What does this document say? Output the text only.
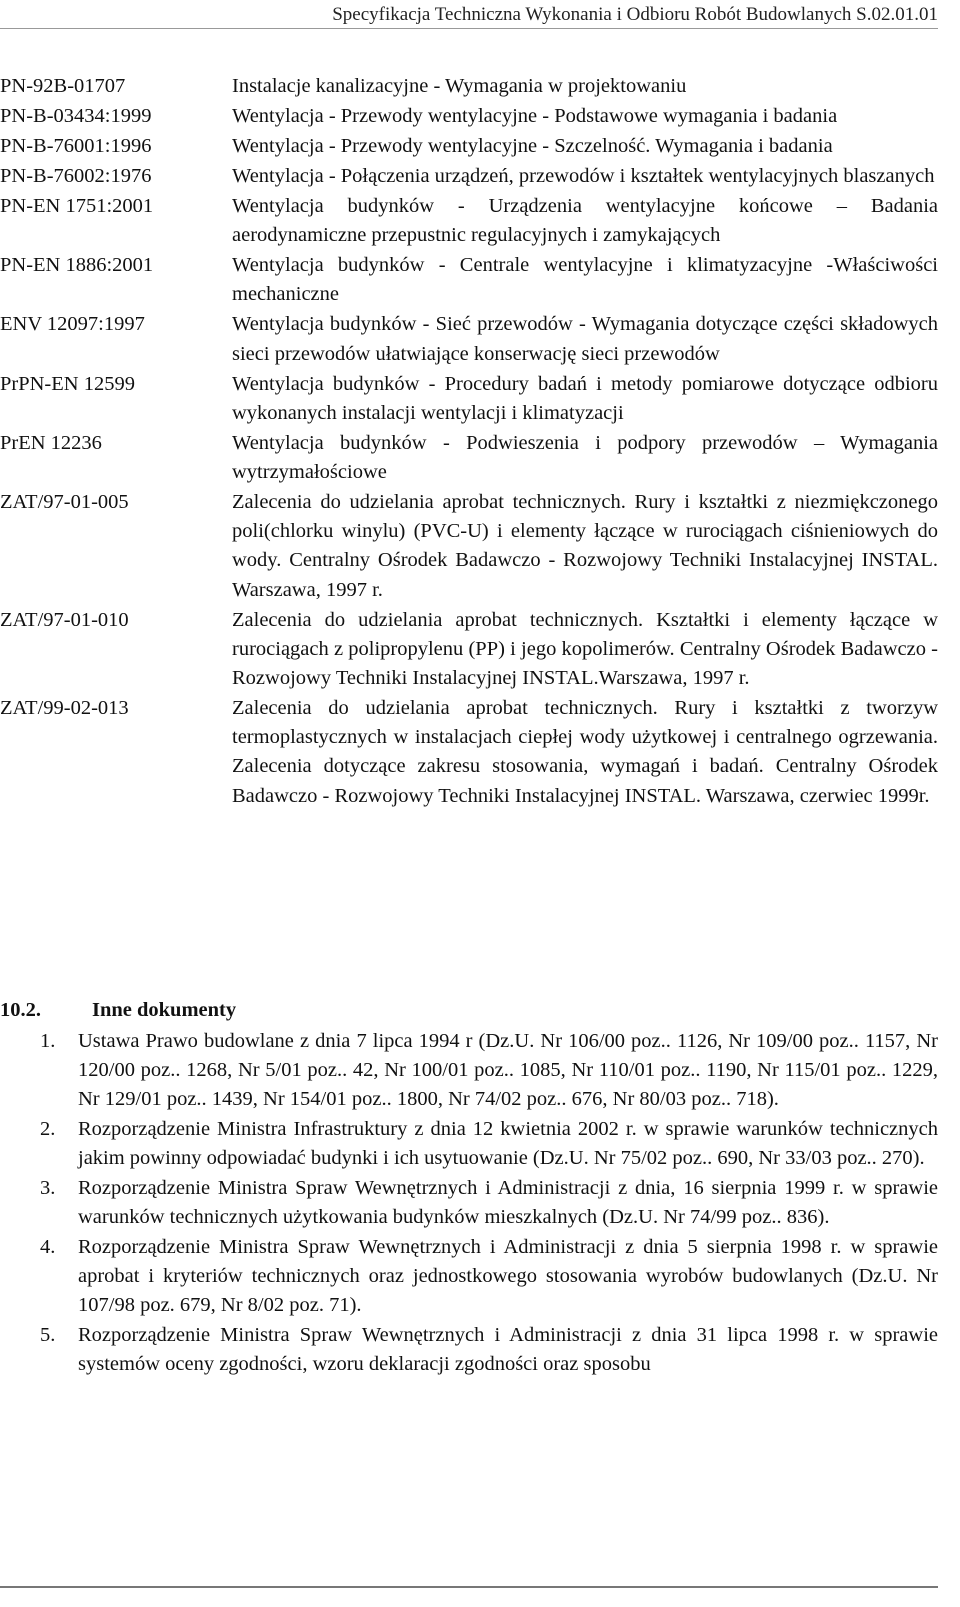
Specyfikacja Techniczna Wykonania i Odbioru Robót Budowlanych S.02.01.01
PN-92B-01707	Instalacje kanalizacyjne - Wymagania w projektowaniu
PN-B-03434:1999	Wentylacja - Przewody wentylacyjne - Podstawowe wymagania i badania
PN-B-76001:1996	Wentylacja - Przewody wentylacyjne - Szczelność. Wymagania i badania
PN-B-76002:1976	Wentylacja - Połączenia urządzeń, przewodów i kształtek wentylacyjnych blaszanych
PN-EN 1751:2001	Wentylacja budynków - Urządzenia wentylacyjne końcowe – Badania aerodynamiczne przepustnic regulacyjnych i zamykających
PN-EN 1886:2001	Wentylacja budynków - Centrale wentylacyjne i klimatyzacyjne -Właściwości mechaniczne
ENV 12097:1997	Wentylacja budynków - Sieć przewodów - Wymagania dotyczące części składowych sieci przewodów ułatwiające konserwację sieci przewodów
PrPN-EN 12599	Wentylacja budynków - Procedury badań i metody pomiarowe dotyczące odbioru wykonanych instalacji wentylacji i klimatyzacji
PrEN 12236	Wentylacja budynków - Podwieszenia i podpory przewodów – Wymagania wytrzymałościowe
ZAT/97-01-005	Zalecenia do udzielania aprobat technicznych. Rury i kształtki z niezmiękczonego poli(chlorku winylu) (PVC-U) i elementy łączące w rurociągach ciśnieniowych do wody. Centralny Ośrodek Badawczo - Rozwojowy Techniki Instalacyjnej INSTAL. Warszawa, 1997 r.
ZAT/97-01-010	Zalecenia do udzielania aprobat technicznych. Kształtki i elementy łączące w rurociągach z polipropylenu (PP) i jego kopolimerów. Centralny Ośrodek Badawczo -Rozwojowy Techniki Instalacyjnej INSTAL.Warszawa, 1997 r.
ZAT/99-02-013	Zalecenia do udzielania aprobat technicznych. Rury i kształtki z tworzyw termoplastycznych w instalacjach ciepłej wody użytkowej i centralnego ogrzewania. Zalecenia dotyczące zakresu stosowania, wymagań i badań. Centralny Ośrodek Badawczo - Rozwojowy Techniki Instalacyjnej INSTAL. Warszawa, czerwiec 1999r.
10.2. Inne dokumenty
1.	Ustawa Prawo budowlane z dnia 7 lipca 1994 r (Dz.U. Nr 106/00 poz.. 1126, Nr 109/00 poz.. 1157, Nr 120/00 poz.. 1268, Nr 5/01 poz.. 42, Nr 100/01 poz.. 1085, Nr 110/01 poz.. 1190, Nr 115/01 poz.. 1229, Nr 129/01 poz.. 1439, Nr 154/01 poz.. 1800, Nr 74/02 poz.. 676, Nr 80/03 poz.. 718).
2.	Rozporządzenie Ministra Infrastruktury z dnia 12 kwietnia 2002 r. w sprawie warunków technicznych jakim powinny odpowiadać budynki i ich usytuowanie (Dz.U. Nr 75/02 poz.. 690, Nr 33/03 poz.. 270).
3.	Rozporządzenie Ministra Spraw Wewnętrznych i Administracji z dnia, 16 sierpnia 1999 r. w sprawie warunków technicznych użytkowania budynków mieszkalnych (Dz.U. Nr 74/99 poz.. 836).
4.	Rozporządzenie Ministra Spraw Wewnętrznych i Administracji z dnia 5 sierpnia 1998 r. w sprawie aprobat i kryteriów technicznych oraz jednostkowego stosowania wyrobów budowlanych (Dz.U. Nr 107/98 poz. 679, Nr 8/02 poz. 71).
5.	Rozporządzenie Ministra Spraw Wewnętrznych i Administracji z dnia 31 lipca 1998 r. w sprawie systemów oceny zgodności, wzoru deklaracji zgodności oraz sposobu
